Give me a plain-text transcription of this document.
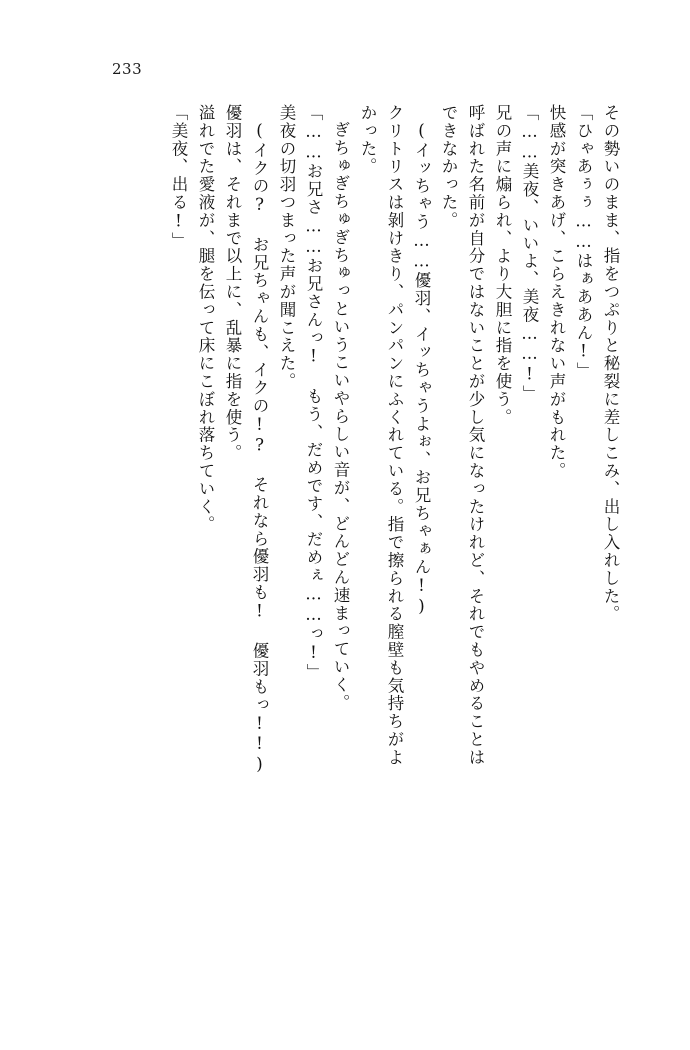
233
その勢いのまま、指をつぷりと秘裂に差しこみ、出し入れした。
「ひゃあぅぅ……はぁああん!」
快感が突きあげ、こらえきれない声がもれた。
「……美夜、いいよ、美夜……!」
兄の声に煽られ、より大胆に指を使う。
呼ばれた名前が自分ではないことが少し気になったけれど、それでもやめることは
できなかった。
(イッちゃう……優羽、イッちゃうよぉ、お兄ちゃぁん!)
クリトリスは剝けきり、パンパンにふくれている。指で擦られる膣壁も気持ちがよ
かった。
ぎちゅぎちゅぎちゅっというこいやらしい音が、どんどん速まっていく。
「……お兄さ……お兄さんっ! もう、だめです、だめぇ……っ!」
美夜の切羽つまった声が聞こえた。
(イクの? お兄ちゃんも、イクの!? それなら優羽も! 優羽もっ!!)
優羽は、それまで以上に、乱暴に指を使う。
溢れでた愛液が、腿を伝って床にこぼれ落ちていく。
「美夜、出る!」
